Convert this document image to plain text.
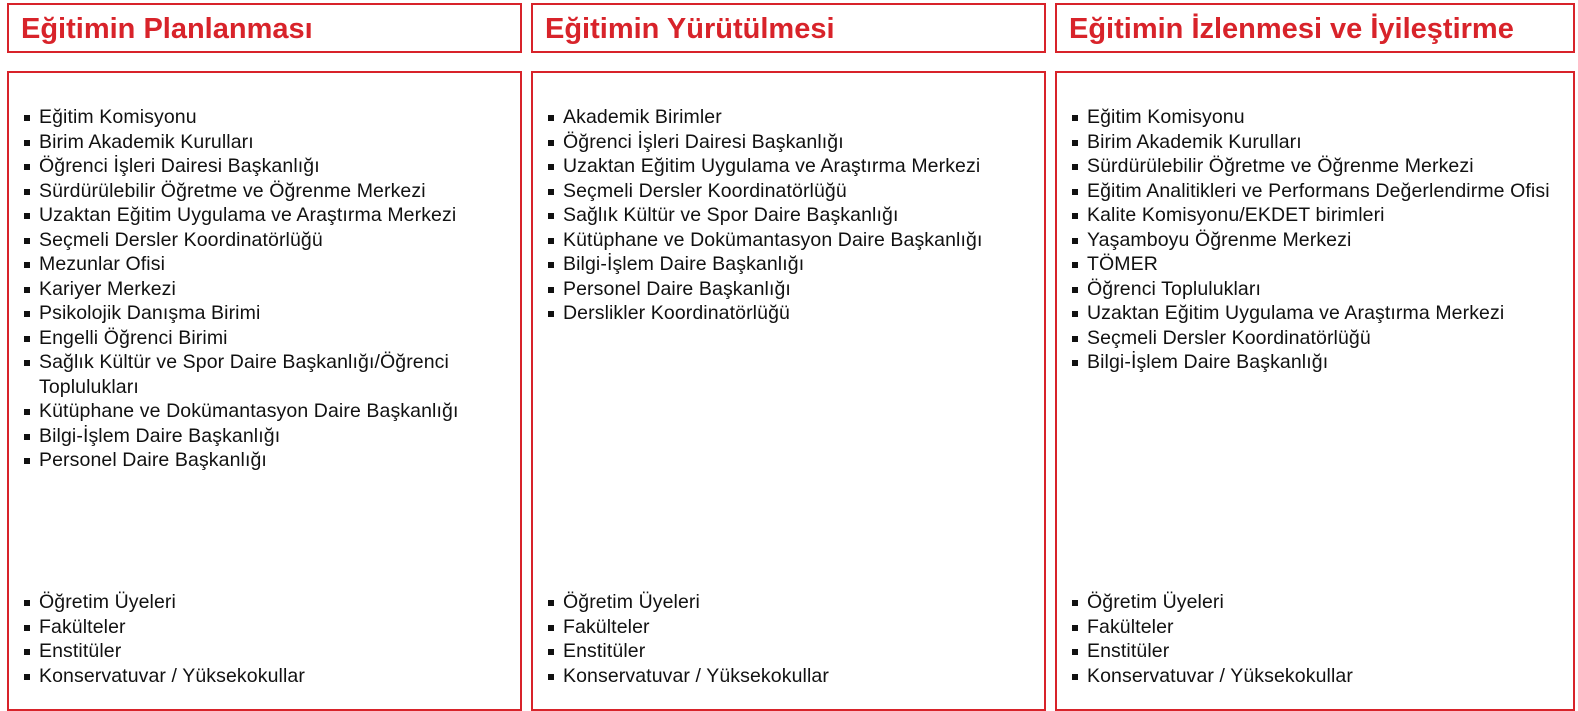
Eğitimin Planlanması	Eğitimin Yürütülmesi	Eğitimin İzlenmesi ve İyileştirme
Eğitim Komisyonu
Birim Akademik Kurulları
Öğrenci İşleri Dairesi Başkanlığı
Sürdürülebilir Öğretme ve Öğrenme Merkezi
Uzaktan Eğitim Uygulama ve Araştırma Merkezi
Seçmeli Dersler Koordinatörlüğü
Mezunlar Ofisi
Kariyer Merkezi
Psikolojik Danışma Birimi
Engelli Öğrenci Birimi
Sağlık Kültür ve Spor Daire Başkanlığı/Öğrenci Toplulukları
Kütüphane ve Dokümantasyon Daire Başkanlığı
Bilgi-İşlem Daire Başkanlığı
Personel Daire Başkanlığı
Öğretim Üyeleri
Fakülteler
Enstitüler
Konservatuvar / Yüksekokullar
Akademik Birimler
Öğrenci İşleri Dairesi Başkanlığı
Uzaktan Eğitim Uygulama ve Araştırma Merkezi
Seçmeli Dersler Koordinatörlüğü
Sağlık Kültür ve Spor Daire Başkanlığı
Kütüphane ve Dokümantasyon Daire Başkanlığı
Bilgi-İşlem Daire Başkanlığı
Personel Daire Başkanlığı
Derslikler Koordinatörlüğü
Öğretim Üyeleri
Fakülteler
Enstitüler
Konservatuvar / Yüksekokullar
Eğitim Komisyonu
Birim Akademik Kurulları
Sürdürülebilir Öğretme ve Öğrenme Merkezi
Eğitim Analitikleri ve Performans Değerlendirme Ofisi
Kalite Komisyonu/EKDET birimleri
Yaşamboyu Öğrenme Merkezi
TÖMER
Öğrenci Toplulukları
Uzaktan Eğitim Uygulama ve Araştırma Merkezi
Seçmeli Dersler Koordinatörlüğü
Bilgi-İşlem Daire Başkanlığı
Öğretim Üyeleri
Fakülteler
Enstitüler
Konservatuvar / Yüksekokullar
